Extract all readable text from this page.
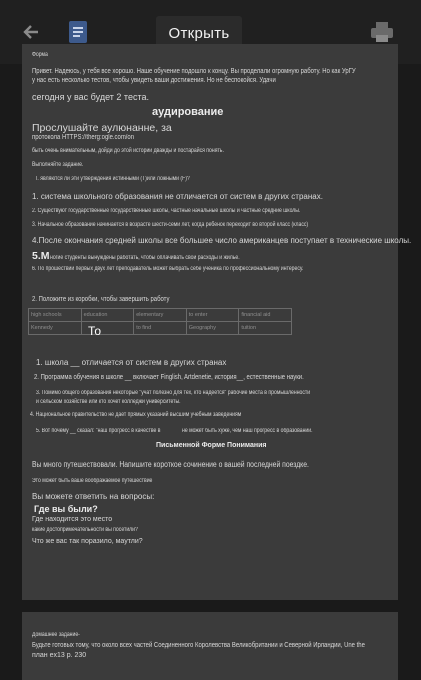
Открыть
Форма
Привет. Надеюсь, у тебя все хорошо. Наше обучение подошло к концу. Вы проделали огромную работу. Но как УрГУ
у нас есть несколько тестов, чтобы увидеть ваши достижения. Но не беспокойся. Удачи
сегодня у вас будет 2 теста.
аудирование
Прослушайте аулюнанне, за
протокола HTTPS://therg:ogle.com/on
быть очень внимательным, дойди до этой истории дважды и постарайся понять.
Выполняйте задание.
I. являются ли эти утверждения истинными (T)или ложными (F)?
1. система школьного образования не отличается от систем в других странах.
2. Существуют государственные государственные школы, частные начальные школы и частные средние школы.
3. Начальное образование начинается в возрасте шести-семи лет, когда ребенок переходит во второй класс (класс)
4.После окончания средней школы все большее число американцев поступает в технические школы.
5.Многие студенты вынуждены работать, чтобы оплачивать свои расходы и жилье.
6. По прошествии первых двух лет преподаватель может выбрать себе ученика по профессиональному интересу.
2. Положите из коробки, чтобы завершить работу
high schools	education	elementary	to enter	financial aid
Kennedy		to find	Geography	tuition
То
1. школа __ отличается от систем в других странах
2. Программа обучения в школе __ включает Finglish, Artdenetie, история__, естественные науки.
3. Помимо общего образования некоторые "учат полезно для тех, кто надеется" рабочие места в промышленности
и сельском хозяйстве или кто хочет колледжи университеты.
4. Национальное правительство не дает прямых указаний высшим учебным заведениям
5. Вот почему __ сказал: "наш прогресс в качестве в	не может быть хуже, чем наш прогресс в образовании.
Письменной Форме Понимания
Вы много путешествовали. Напишите короткое сочинение о вашей последней поездке.
Это может быть ваше воображаемое путешествие
Вы можете ответить на вопросы:
Где вы были?
Где находится это место
какие достопримечательности вы посетили?
Что же вас так поразило, маутли?
Домашнее задание-
Будьте готовых тому, что около всех частей Соединенного Королевства Великобритании и Северной Ирландии, Une the
план ex13 р. 230
